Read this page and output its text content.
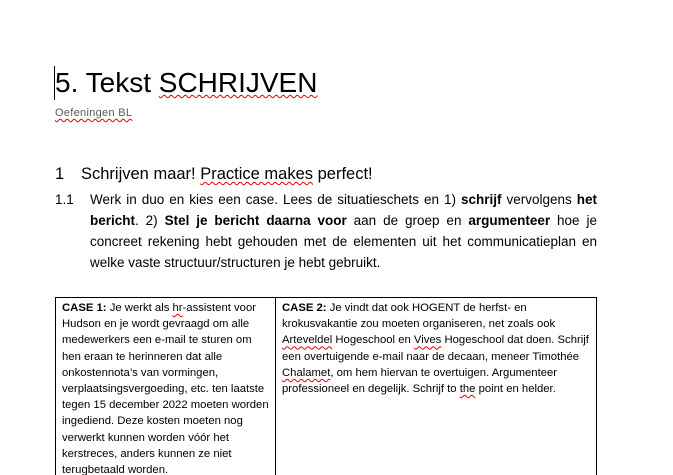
5. Tekst SCHRIJVEN
Oefeningen BL
1 Schrijven maar! Practice makes perfect!
1.1 Werk in duo en kies een case. Lees de situatieschets en 1) schrijf vervolgens het bericht. 2) Stel je bericht daarna voor aan de groep en argumenteer hoe je concreet rekening hebt gehouden met de elementen uit het communicatieplan en welke vaste structuur/structuren je hebt gebruikt.
CASE 1: Je werkt als hr-assistent voor Hudson en je wordt gevraagd om alle medewerkers een e-mail te sturen om hen eraan te herinneren dat alle onkostennota’s van vormingen, verplaatsingsvergoeding, etc. ten laatste tegen 15 december 2022 moeten worden ingediend. Deze kosten moeten nog verwerkt kunnen worden vóór het kerstreces, anders kunnen ze niet terugbetaald worden.	CASE 2: Je vindt dat ook HOGENT de herfst- en krokusvakantie zou moeten organiseren, net zoals ook Arteveldel Hogeschool en Vives Hogeschool dat doen. Schrijf een overtuigende e-mail naar de decaan, meneer Timothée Chalamet, om hem hiervan te overtuigen. Argumenteer professioneel en degelijk. Schrijf to the point en helder.
